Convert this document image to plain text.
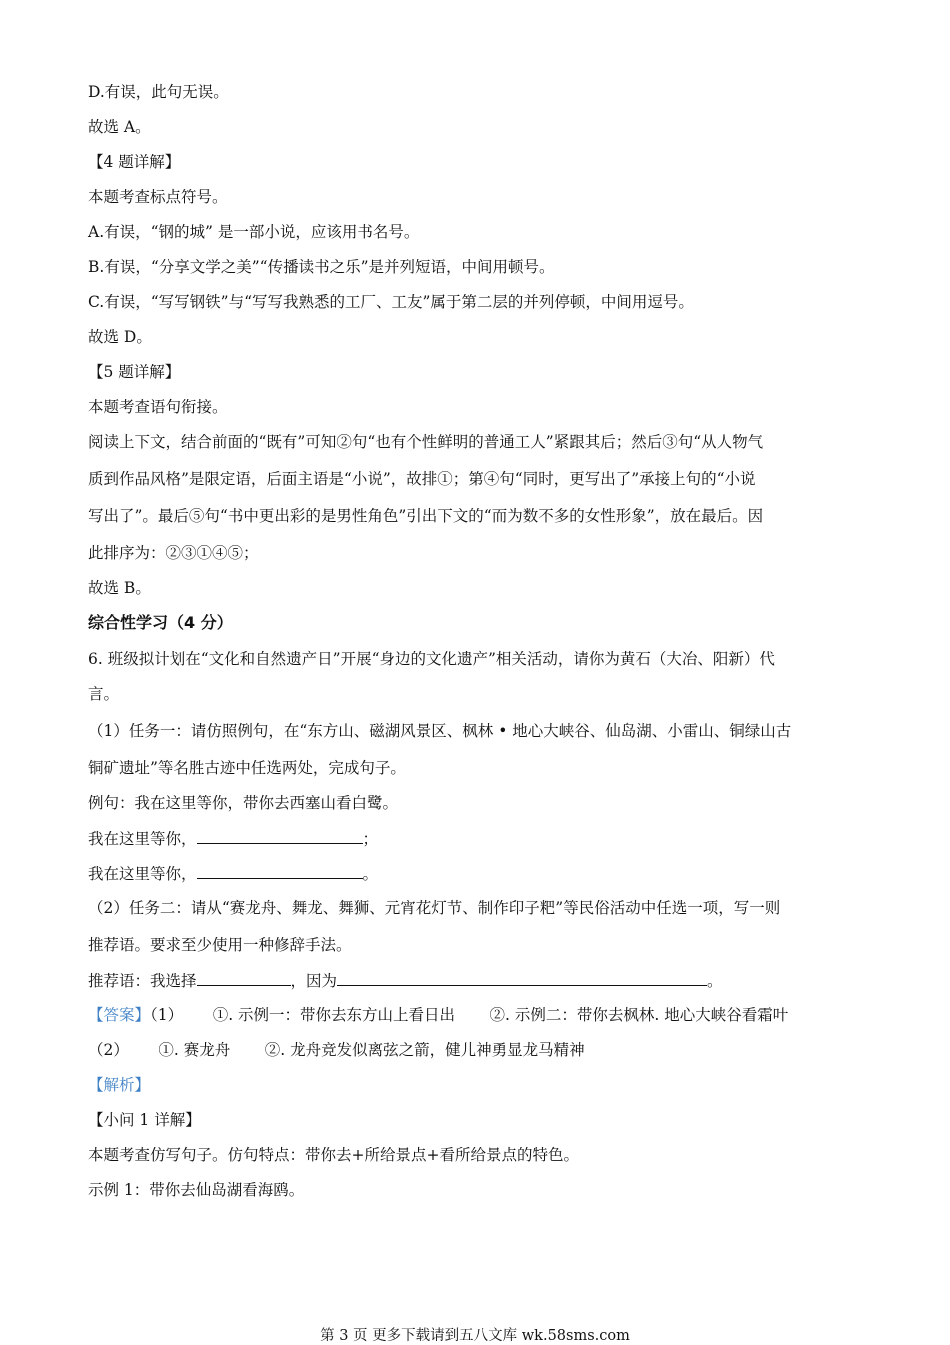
D.有误，此句无误。
故选 A。
【4 题详解】
本题考查标点符号。
A.有误，“钢的城” 是一部小说，应该用书名号。
B.有误，“分享文学之美”“传播读书之乐”是并列短语，中间用顿号。
C.有误，“写写钢铁”与“写写我熟悉的工厂、工友”属于第二层的并列停顿，中间用逗号。
故选 D。
【5 题详解】
本题考查语句衔接。
阅读上下文，结合前面的“既有”可知②句“也有个性鲜明的普通工人”紧跟其后；然后③句“从人物气
质到作品风格”是限定语，后面主语是“小说”，故排①；第④句“同时，更写出了”承接上句的“小说
写出了”。最后⑤句“书中更出彩的是男性角色”引出下文的“而为数不多的女性形象”，放在最后。因
此排序为：②③①④⑤；
故选 B。
综合性学习（4 分）
6. 班级拟计划在“文化和自然遗产日”开展“身边的文化遗产”相关活动，请你为黄石（大冶、阳新）代
言。
（1）任务一：请仿照例句，在“东方山、磁湖风景区、枫林 • 地心大峡谷、仙岛湖、小雷山、铜绿山古
铜矿遗址”等名胜古迹中任选两处，完成句子。
例句：我在这里等你，带你去西塞山看白鹭。
我在这里等你，	；
我在这里等你，	。
（2）任务二：请从“赛龙舟、舞龙、舞狮、元宵花灯节、制作印子粑”等民俗活动中任选一项，写一则
推荐语。要求至少使用一种修辞手法。
推荐语：我选择	，因为	。
【答案】（1）      ①. 示例一：带你去东方山上看日出       ②. 示例二：带你去枫林. 地心大峡谷看霜叶
（2）      ①. 赛龙舟       ②. 龙舟竞发似离弦之箭，健儿神勇显龙马精神
【解析】
【小问 1 详解】
本题考查仿写句子。仿句特点：带你去+所给景点+看所给景点的特色。
示例 1：带你去仙岛湖看海鸥。
第 3 页 更多下载请到五八文库 wk.58sms.com
